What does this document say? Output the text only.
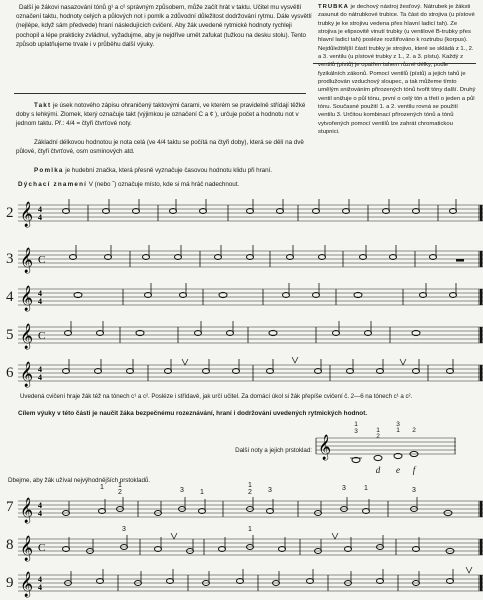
Další je žákovi nasazování tónů g¹ a c² správným způsobem, může začít hrát v taktu. Učitel mu vysvětlí označení taktu, hodnoty celých a půlových not i pomlk a zdůvodní důležitost dodržování rytmu. Dále vysvětlí (nejlépe, když sám předvede) hraní následujících cvičení. Aby žák uvedené rytmické hodnoty rychleji pochopil a lépe prakticky zvládnul, vyžadujme, aby je nejdříve umět zafukat (tužkou na desku stolu). Tento způsob uplatňujeme trvale i v průběhu další výuky.

TRUBKA je dechový nástroj žesťový. Nátrubek je žáksti zasunut do nátrubkové trubice. Ta část do strojiva (u pístové trubky je ke strojivu vedena přes hlavní ladicí tah). Ze strojiva je elipsovitě vinutí trubky (u ventilové B-trubky přes hlavní ladicí tah) posléze rozšiřováno k roztrubu (korpus). Nejdůležitější částí trubky je strojivo, které se skládá z 1., 2. a 3. ventilu (u pístové trubky z 1., 2. a 3. pístu). Každý z ventilů (pístů) je opatřen tahem různé délky, podle fyzikálních zákonů. Pomocí ventilů (pístů) a jejich tahů je prodlužován vzduchový sloupec, a tak můžeme tímto umělým snižováním přirozených tónů tvořit tóny další. Druhý ventil snižuje o půl tónu, první o celý tón a třetí o jeden a půl tónu. Současné použití 1. a 2. ventilu rovná se použití ventilu 3. Určitou kombinací přirozených tónů a tónů vytvořených pomocí ventilů lze zahrát chromatickou stupnici.

Takt je úsek notového zápisu ohraničený taktovými čarami, ve kterém se pravidelně střídají těžké doby s lehkými. Zlomek, který označuje takt (výjimkou je označení C a ¢ ), určuje počet a hodnotu not v jednom taktu. Př.: 4/4 = čtyři čtvrťové noty.

Základní délkovou hodnotou je nota celá (ve 4/4 taktu se počítá na čtyři doby), která se dělí na dvě půlové, čtyři čtvrťové, osm osminových atd.

Pomlka je hudební značka, která přesně vyznačuje časovou hodnotu klidu při hraní.

Dýchací znamení V (nebo ˇ) označuje místo, kde si má hráč nadechnout.

2 𝄞 4
4
3 𝄞 C
4 𝄞 4
4
5 𝄞 C
6 𝄞 4
4

Uvedená cvičení hraje žák též na tónech c¹ a c². Posléze i střídavě, jak určí učitel. Za domácí úkol si žák přepíše cvičení č. 2—6 na tónech c¹ a c².

Cílem výuky v této části je naučit žáka bezpečnému rozeznávání, hraní i dodržování uvedených rytmických hodnot.
Další noty a jejich prstoklad: 𝄞
1
3	1
2
3
1 2
d e f

Dbejme, aby žák užíval nejvýhodnějších prstokladů.

7
1 1
2	3 1	3
1
2
3	1	3
𝄞 4
4
8
3	1
𝄞 C
9 𝄞 4
4
